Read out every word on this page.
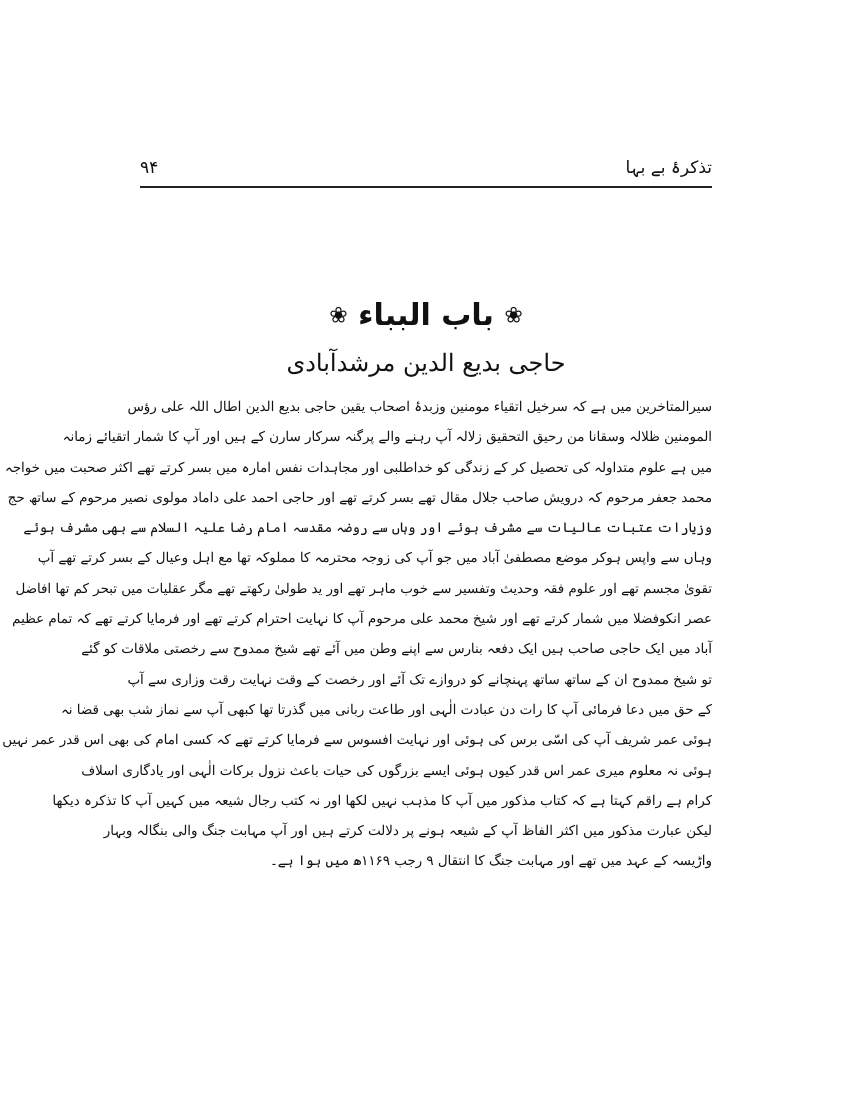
تذکرۂ بے بہا
۹۴
❀ باب البباء ❀
حاجی بدیع الدین مرشدآبادی
سیرالمتاخرین میں ہے کہ سرخیل اتقیاء مومنین وزبدۂ اصحاب یقین حاجی بدیع الدین اطال اللہ علی رؤس
المومنین ظلالہ وسقانا من رحیق التحقیق زلالہ آپ رہنے والے پرگنہ سرکار سارن کے ہیں اور آپ کا شمار اتقیائے زمانہ
میں ہے علوم متداولہ کی تحصیل کر کے زندگی کو خداطلبی اور مجاہدات نفس امارہ میں بسر کرتے تھے اکثر صحبت میں خواجہ
محمد جعفر مرحوم کہ درویش صاحب جلال مقال تھے بسر کرتے تھے اور حاجی احمد علی داماد مولوی نصیر مرحوم کے ساتھ حج
وزیارات عتبات عالیات سے مشرف ہوئے اور وہاں سے روضہ مقدسہ امام رضا علیہ السلام سے بھی مشرف ہوئے
وہاں سے واپس ہوکر موضع مصطفیٰ آباد میں جو آپ کی زوجہ محترمہ کا مملوکہ تھا مع اہل وعیال کے بسر کرتے تھے آپ
تقویٰ مجسم تھے اور علوم فقہ وحدیث وتفسیر سے خوب ماہر تھے اور ید طولیٰ رکھتے تھے مگر عقلیات میں تبحر کم تھا افاضل
عصر انکوفضلا میں شمار کرتے تھے اور شیخ محمد علی مرحوم آپ کا نہایت احترام کرتے تھے اور فرمایا کرتے تھے کہ تمام عظیم
آباد میں ایک حاجی صاحب ہیں ایک دفعہ بنارس سے اپنے وطن میں آئے تھے شیخ ممدوح سے رخصتی ملاقات کو گئے
تو شیخ ممدوح ان کے ساتھ ساتھ پہنچانے کو دروازے تک آئے اور رخصت کے وقت نہایت رقت وزاری سے آپ
کے حق میں دعا فرمائی آپ کا رات دن عبادت الٰہی اور طاعت ربانی میں گذرتا تھا کبھی آپ سے نماز شب بھی قضا نہ
ہوئی عمر شریف آپ کی اسّی برس کی ہوئی اور نہایت افسوس سے فرمایا کرتے تھے کہ کسی امام کی بھی اس قدر عمر نہیں
ہوئی نہ معلوم میری عمر اس قدر کیوں ہوئی ایسے بزرگوں کی حیات باعث نزول برکات الٰہی اور یادگاری اسلاف
کرام ہے راقم کہتا ہے کہ کتاب مذکور میں آپ کا مذہب نہیں لکھا اور نہ کتب رجال شیعہ میں کہیں آپ کا تذکرہ دیکھا
لیکن عبارت مذکور میں اکثر الفاظ آپ کے شیعہ ہونے پر دلالت کرتے ہیں اور آپ مہابت جنگ والی بنگالہ وبہار
واڑیسہ کے عہد میں تھے اور مہابت جنگ کا انتقال ۹ رجب ۱۱۶۹ھ میں ہوا ہے۔
